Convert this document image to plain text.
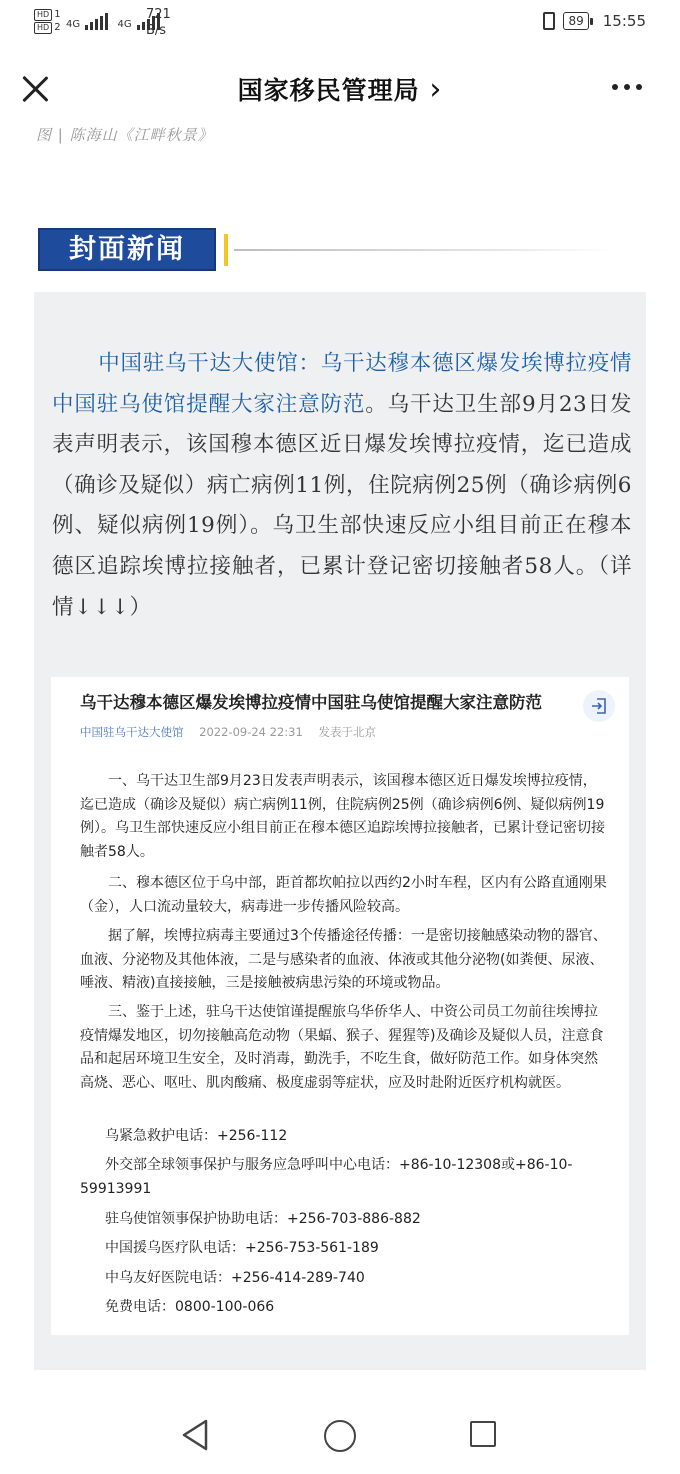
HD 1
HD 2 4G	4G
721
B/s
89	15:55
国家移民管理局 ›
图 | 陈海山《江畔秋景》
封面新闻
中国驻乌干达大使馆：乌干达穆本德区爆发埃博拉疫情中国驻乌使馆提醒大家注意防范。乌干达卫生部9月23日发表声明表示，该国穆本德区近日爆发埃博拉疫情，迄已造成（确诊及疑似）病亡病例11例，住院病例25例（确诊病例6例、疑似病例19例）。乌卫生部快速反应小组目前正在穆本德区追踪埃博拉接触者，已累计登记密切接触者58人。（详情↓↓↓）
乌干达穆本德区爆发埃博拉疫情中国驻乌使馆提醒大家注意防范
中国驻乌干达大使馆 2022-09-24 22:31 发表于北京

一、乌干达卫生部9月23日发表声明表示，该国穆本德区近日爆发埃博拉疫情，迄已造成（确诊及疑似）病亡病例11例，住院病例25例（确诊病例6例、疑似病例19例）。乌卫生部快速反应小组目前正在穆本德区追踪埃博拉接触者，已累计登记密切接触者58人。

二、穆本德区位于乌中部，距首都坎帕拉以西约2小时车程，区内有公路直通刚果（金），人口流动量较大，病毒进一步传播风险较高。

据了解，埃博拉病毒主要通过3个传播途径传播：一是密切接触感染动物的器官、血液、分泌物及其他体液，二是与感染者的血液、体液或其他分泌物(如粪便、尿液、唾液、精液)直接接触，三是接触被病患污染的环境或物品。

三、鉴于上述，驻乌干达使馆谨提醒旅乌华侨华人、中资公司员工勿前往埃博拉疫情爆发地区，切勿接触高危动物（果蝠、猴子、猩猩等)及确诊及疑似人员，注意食品和起居环境卫生安全，及时消毒，勤洗手，不吃生食，做好防范工作。如身体突然高烧、恶心、呕吐、肌肉酸痛、极度虚弱等症状，应及时赴附近医疗机构就医。

乌紧急救护电话：+256-112
外交部全球领事保护与服务应急呼叫中心电话：+86-10-12308或+86-10-59913991
驻乌使馆领事保护协助电话：+256-703-886-882
中国援乌医疗队电话：+256-753-561-189
中乌友好医院电话：+256-414-289-740
免费电话：0800-100-066
